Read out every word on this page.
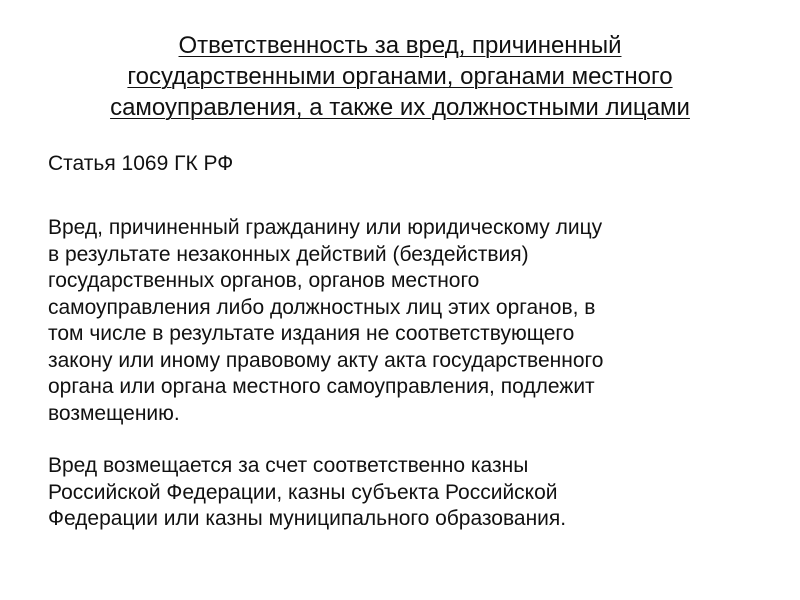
Ответственность за вред, причиненный
государственными органами, органами местного
самоуправления, а также их должностными лицами
Статья 1069 ГК РФ
Вред, причиненный гражданину или юридическому лицу
в результате незаконных действий (бездействия)
государственных органов, органов местного
самоуправления либо должностных лиц этих органов, в
том числе в результате издания не соответствующего
закону или иному правовому акту акта государственного
органа или органа местного самоуправления, подлежит
возмещению.
Вред возмещается за счет соответственно казны
Российской Федерации, казны субъекта Российской
Федерации или казны муниципального образования.
